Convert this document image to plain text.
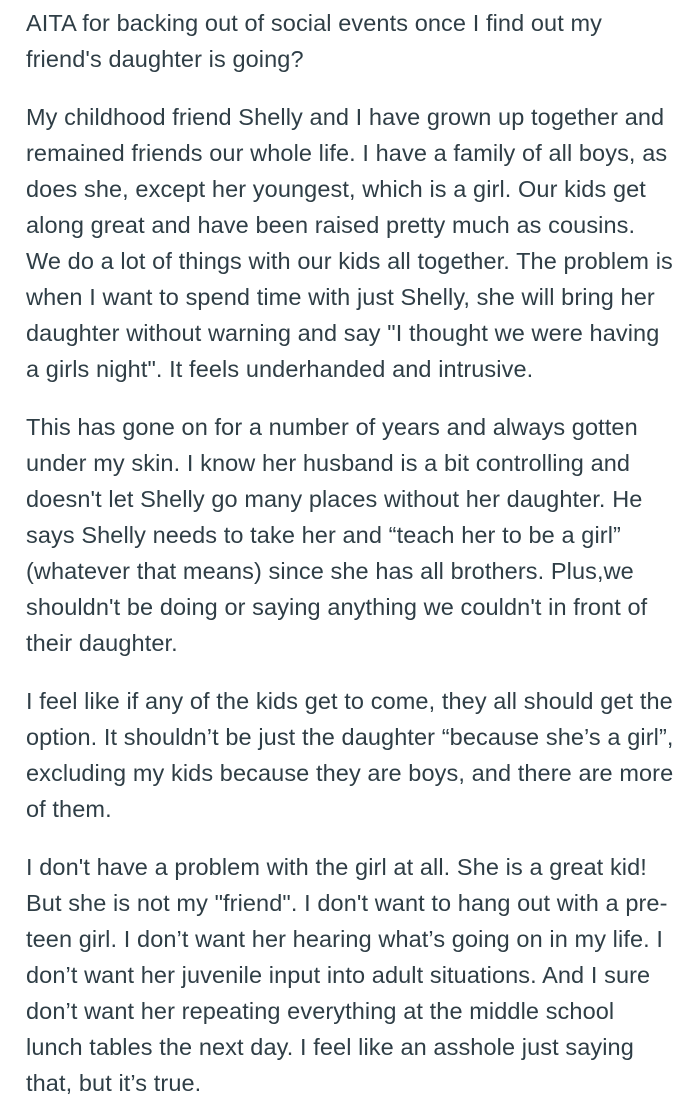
AITA for backing out of social events once I find out my friend's daughter is going?

My childhood friend Shelly and I have grown up together and remained friends our whole life. I have a family of all boys, as does she, except her youngest, which is a girl. Our kids get along great and have been raised pretty much as cousins. We do a lot of things with our kids all together. The problem is when I want to spend time with just Shelly, she will bring her daughter without warning and say "I thought we were having a girls night". It feels underhanded and intrusive.

This has gone on for a number of years and always gotten under my skin. I know her husband is a bit controlling and doesn't let Shelly go many places without her daughter. He says Shelly needs to take her and “teach her to be a girl” (whatever that means) since she has all brothers. Plus,we shouldn't be doing or saying anything we couldn't in front of their daughter.

I feel like if any of the kids get to come, they all should get the option. It shouldn’t be just the daughter “because she’s a girl”, excluding my kids because they are boys, and there are more of them.

I don't have a problem with the girl at all. She is a great kid! But she is not my "friend". I don't want to hang out with a pre-teen girl. I don’t want her hearing what’s going on in my life. I don’t want her juvenile input into adult situations. And I sure don’t want her repeating everything at the middle school lunch tables the next day. I feel like an asshole just saying that, but it’s true.
